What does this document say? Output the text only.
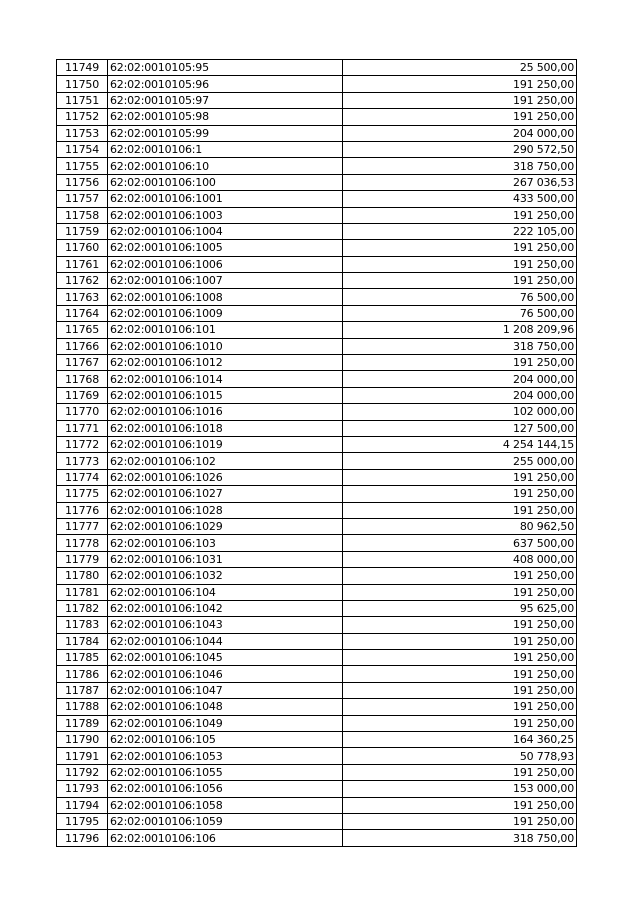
11749	62:02:0010105:95	25 500,00
11750	62:02:0010105:96	191 250,00
11751	62:02:0010105:97	191 250,00
11752	62:02:0010105:98	191 250,00
11753	62:02:0010105:99	204 000,00
11754	62:02:0010106:1	290 572,50
11755	62:02:0010106:10	318 750,00
11756	62:02:0010106:100	267 036,53
11757	62:02:0010106:1001	433 500,00
11758	62:02:0010106:1003	191 250,00
11759	62:02:0010106:1004	222 105,00
11760	62:02:0010106:1005	191 250,00
11761	62:02:0010106:1006	191 250,00
11762	62:02:0010106:1007	191 250,00
11763	62:02:0010106:1008	76 500,00
11764	62:02:0010106:1009	76 500,00
11765	62:02:0010106:101	1 208 209,96
11766	62:02:0010106:1010	318 750,00
11767	62:02:0010106:1012	191 250,00
11768	62:02:0010106:1014	204 000,00
11769	62:02:0010106:1015	204 000,00
11770	62:02:0010106:1016	102 000,00
11771	62:02:0010106:1018	127 500,00
11772	62:02:0010106:1019	4 254 144,15
11773	62:02:0010106:102	255 000,00
11774	62:02:0010106:1026	191 250,00
11775	62:02:0010106:1027	191 250,00
11776	62:02:0010106:1028	191 250,00
11777	62:02:0010106:1029	80 962,50
11778	62:02:0010106:103	637 500,00
11779	62:02:0010106:1031	408 000,00
11780	62:02:0010106:1032	191 250,00
11781	62:02:0010106:104	191 250,00
11782	62:02:0010106:1042	95 625,00
11783	62:02:0010106:1043	191 250,00
11784	62:02:0010106:1044	191 250,00
11785	62:02:0010106:1045	191 250,00
11786	62:02:0010106:1046	191 250,00
11787	62:02:0010106:1047	191 250,00
11788	62:02:0010106:1048	191 250,00
11789	62:02:0010106:1049	191 250,00
11790	62:02:0010106:105	164 360,25
11791	62:02:0010106:1053	50 778,93
11792	62:02:0010106:1055	191 250,00
11793	62:02:0010106:1056	153 000,00
11794	62:02:0010106:1058	191 250,00
11795	62:02:0010106:1059	191 250,00
11796	62:02:0010106:106	318 750,00
